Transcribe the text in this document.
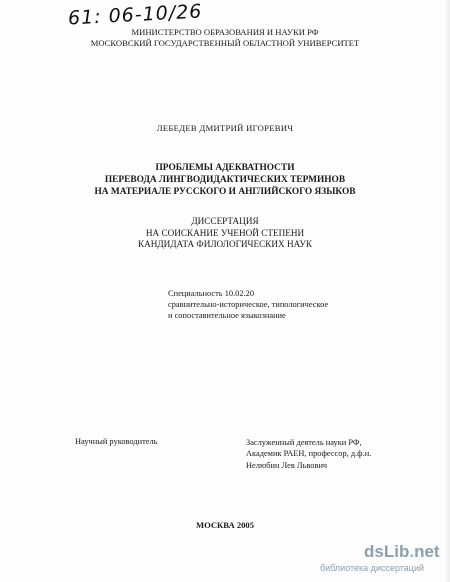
61: 06-10/26
МИНИСТЕРСТВО ОБРАЗОВАНИЯ И НАУКИ РФ
МОСКОВСКИЙ ГОСУДАРСТВЕННЫЙ ОБЛАСТНОЙ УНИВЕРСИТЕТ
ЛЕБЕДЕВ ДМИТРИЙ ИГОРЕВИЧ
ПРОБЛЕМЫ АДЕКВАТНОСТИ
ПЕРЕВОДА ЛИНГВОДИДАКТИЧЕСКИХ ТЕРМИНОВ
НА МАТЕРИАЛЕ РУССКОГО И АНГЛИЙСКОГО ЯЗЫКОВ
ДИССЕРТАЦИЯ
НА СОИСКАНИЕ УЧЕНОЙ СТЕПЕНИ
КАНДИДАТА ФИЛОЛОГИЧЕСКИХ НАУК
Специальность 10.02.20
сравнительно-историческое, типологическое
и сопоставительное языкознание
Научный руководитель	Заслуженный деятель науки РФ,
Академик РАЕН, профессор, д.ф.н.
Нелюбин Лев Львович
МОСКВА 2005
dsLib.net
библиотека диссертаций
